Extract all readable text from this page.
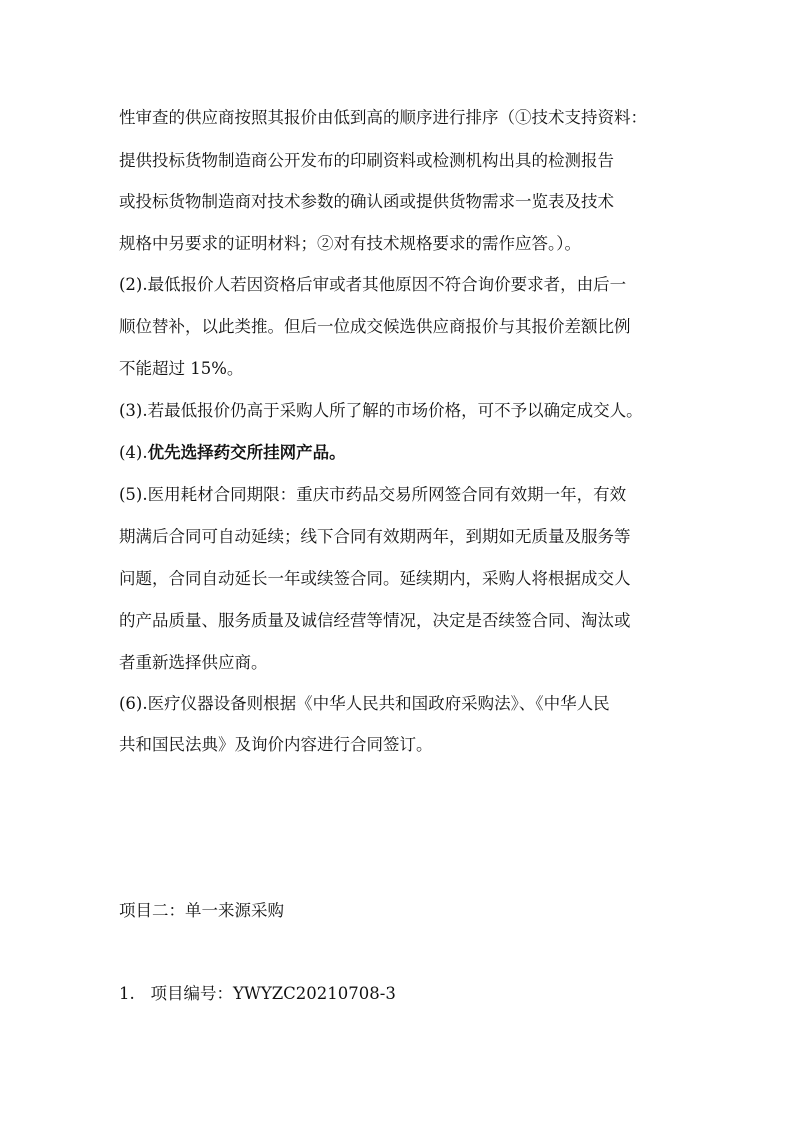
性审查的供应商按照其报价由低到高的顺序进行排序（①技术支持资料：
提供投标货物制造商公开发布的印刷资料或检测机构出具的检测报告
或投标货物制造商对技术参数的确认函或提供货物需求一览表及技术
规格中另要求的证明材料；②对有技术规格要求的需作应答。）。
(2).最低报价人若因资格后审或者其他原因不符合询价要求者，由后一
顺位替补，以此类推。但后一位成交候选供应商报价与其报价差额比例
不能超过 15%。
(3).若最低报价仍高于采购人所了解的市场价格，可不予以确定成交人。
(4).优先选择药交所挂网产品。
(5).医用耗材合同期限：重庆市药品交易所网签合同有效期一年，有效
期满后合同可自动延续；线下合同有效期两年，到期如无质量及服务等
问题，合同自动延长一年或续签合同。延续期内，采购人将根据成交人
的产品质量、服务质量及诚信经营等情况，决定是否续签合同、淘汰或
者重新选择供应商。
(6).医疗仪器设备则根据《中华人民共和国政府采购法》、《中华人民
共和国民法典》及询价内容进行合同签订。
项目二：单一来源采购
1.   项目编号：YWYZC20210708-3
